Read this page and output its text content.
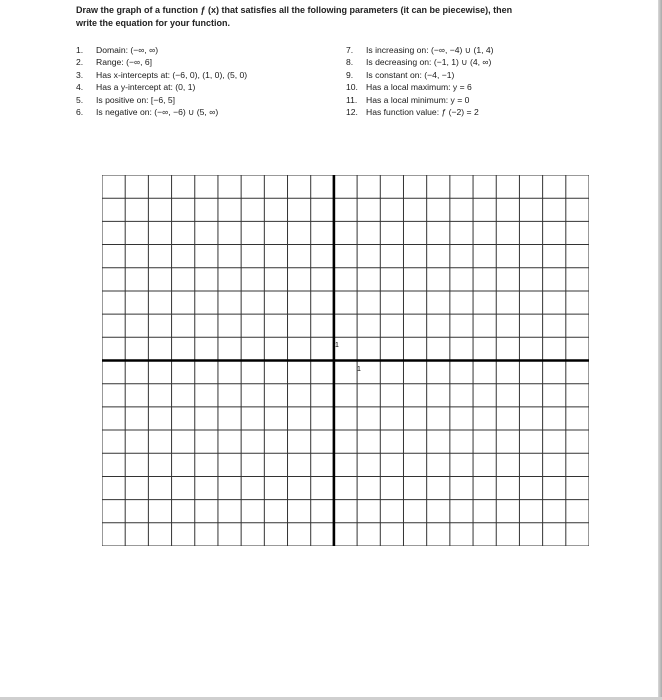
Draw the graph of a function ƒ (x) that satisfies all the following parameters (it can be piecewise), then
write the equation for your function.
1.	Domain: (−∞, ∞)
2.	Range: (−∞, 6]
3.	Has x-intercepts at: (−6, 0), (1, 0), (5, 0)
4.	Has a y-intercept at: (0, 1)
5.	Is positive on: [−6, 5]
6.	Is negative on: (−∞, −6) ∪ (5, ∞)
7.	Is increasing on: (−∞, −4) ∪ (1, 4)
8.	Is decreasing on: (−1, 1) ∪ (4, ∞)
9.	Is constant on: (−4, −1)
10. Has a local maximum: y = 6
11.	Has a local minimum: y = 0
12. Has function value: ƒ (−2) = 2
1
1
